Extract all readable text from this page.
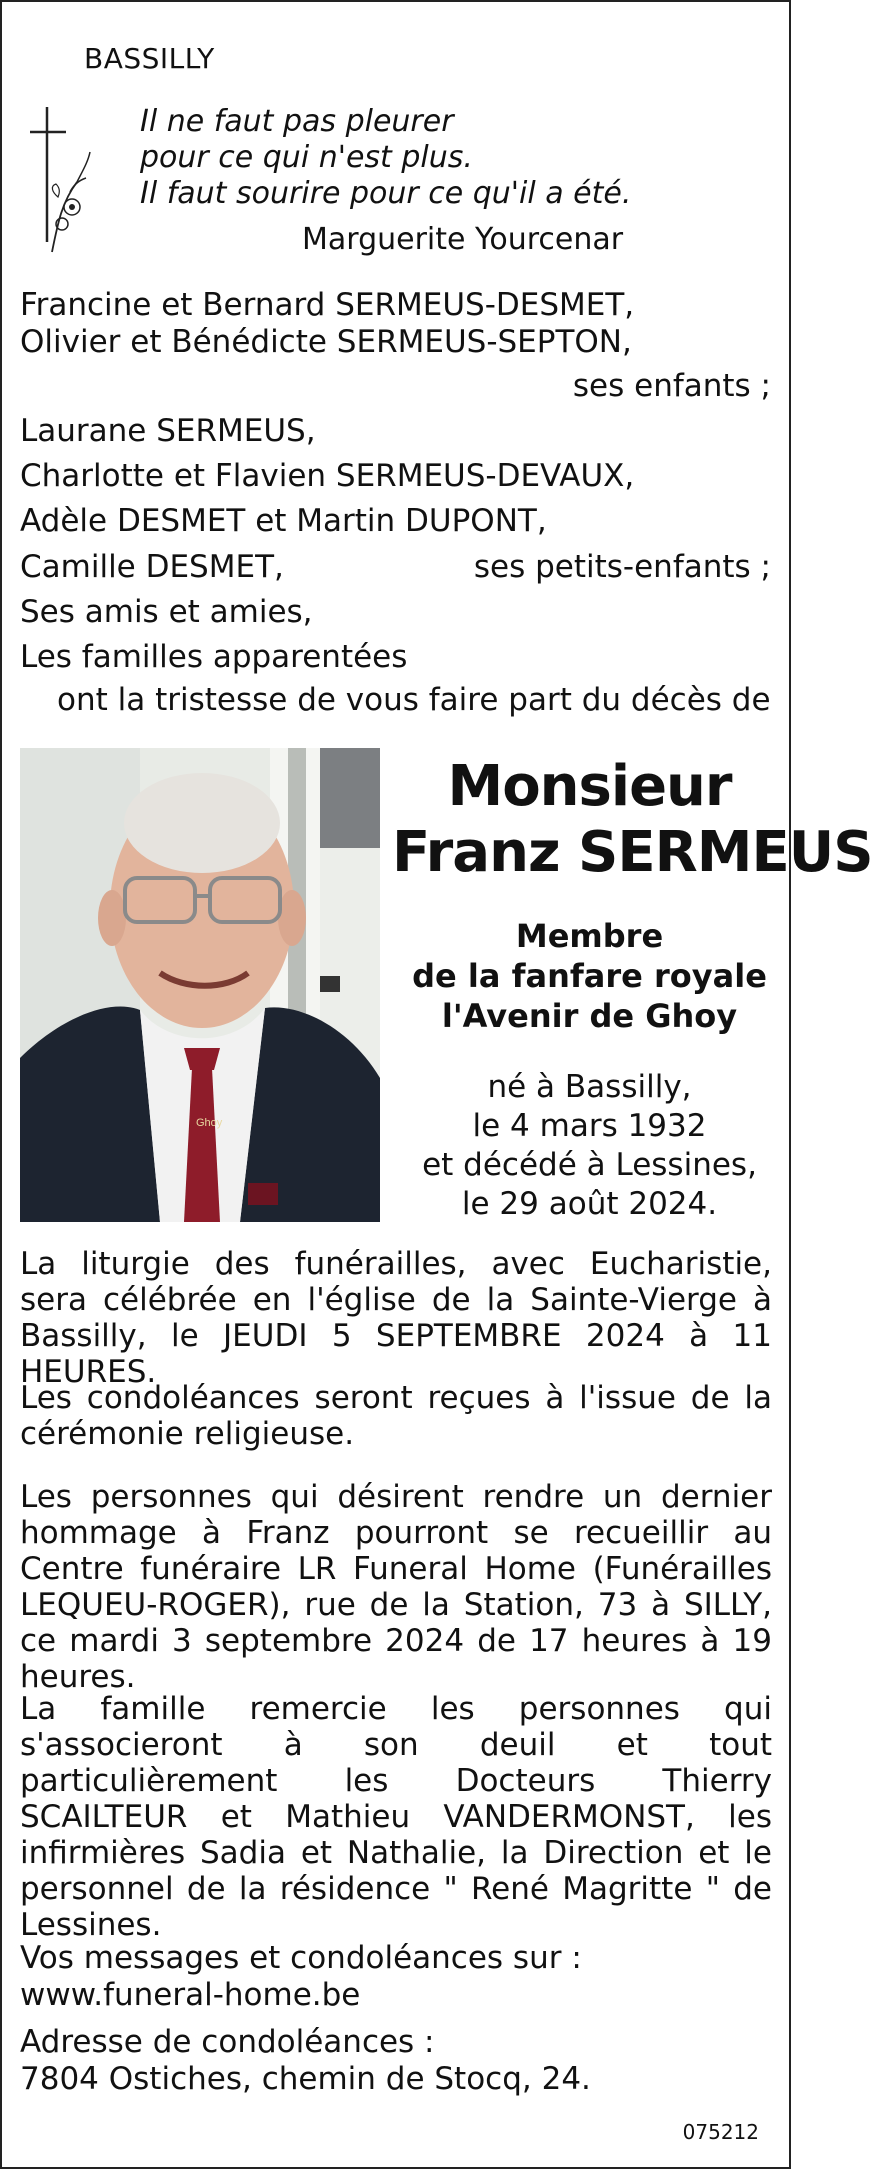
BASSILLY
Il ne faut pas pleurer
pour ce qui n'est plus.
Il faut sourire pour ce qu'il a été.
Marguerite Yourcenar
Francine et Bernard SERMEUS-DESMET,
Olivier et Bénédicte SERMEUS-SEPTON,
ses enfants ;
Laurane SERMEUS,
Charlotte et Flavien SERMEUS-DEVAUX,
Adèle DESMET et Martin DUPONT,
Camille DESMET,	ses petits-enfants ;
Ses amis et amies,
Les familles apparentées
ont la tristesse de vous faire part du décès de
Ghoy
Monsieur
Franz SERMEUS
Membre
de la fanfare royale
l'Avenir de Ghoy
né à Bassilly,
le 4 mars 1932
et décédé à Lessines,
le 29 août 2024.
La liturgie des funérailles, avec Eucharistie, sera célébrée en l'église de la Sainte-Vierge à Bassilly, le JEUDI 5 SEPTEMBRE 2024 à 11 HEURES.
Les condoléances seront reçues à l'issue de la cérémonie religieuse.
Les personnes qui désirent rendre un dernier hommage à Franz pourront se recueillir au Centre funéraire LR Funeral Home (Funérailles LEQUEU-ROGER), rue de la Station, 73 à SILLY, ce mardi 3 septembre 2024 de 17 heures à 19 heures.
La famille remercie les personnes qui s'associeront à son deuil et tout particulièrement les Docteurs Thierry SCAILTEUR et Mathieu VANDERMONST, les infirmières Sadia et Nathalie, la Direction et le personnel de la résidence " René Magritte " de Lessines.
Vos messages et condoléances sur :
www.funeral-home.be
Adresse de condoléances :
7804 Ostiches, chemin de Stocq, 24.
075212
